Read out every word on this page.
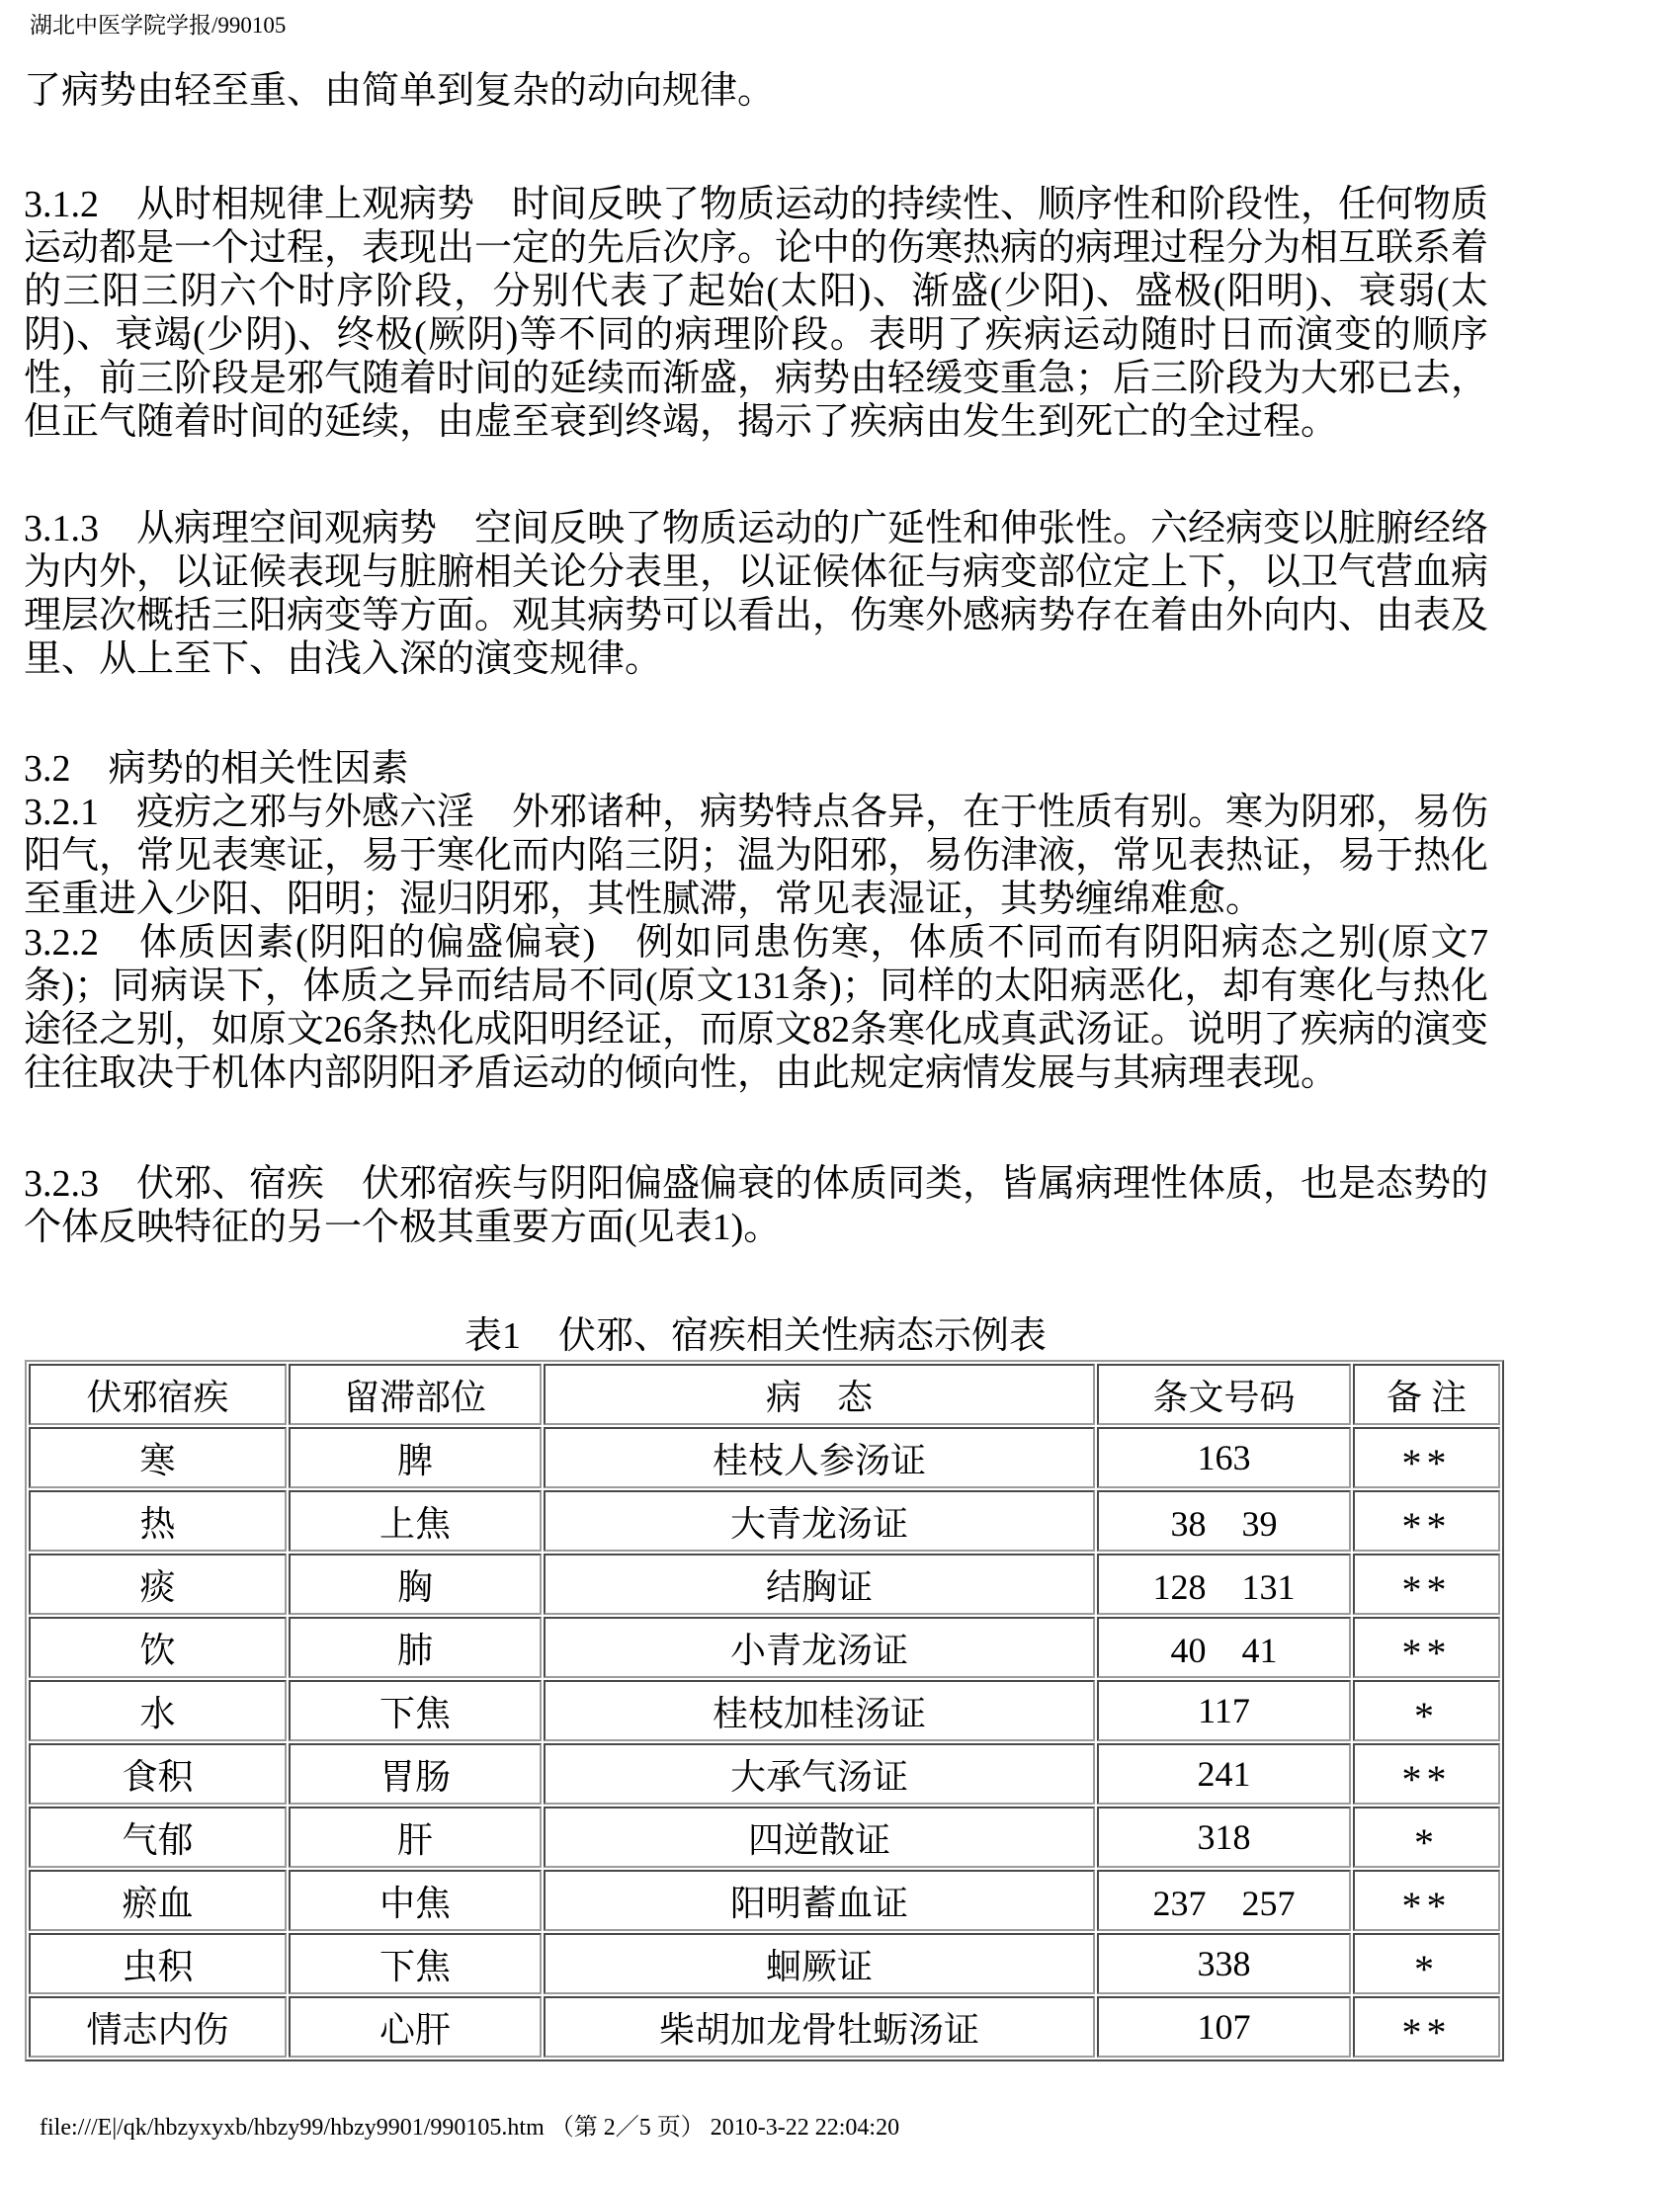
湖北中医学院学报/990105

了病势由轻至重、由简单到复杂的动向规律。

3.1.2　从时相规律上观病势　时间反映了物质运动的持续性、顺序性和阶段性，任何物质运动都是一个过程，表现出一定的先后次序。论中的伤寒热病的病理过程分为相互联系着的三阳三阴六个时序阶段，分别代表了起始(太阳)、渐盛(少阳)、盛极(阳明)、衰弱(太阴)、衰竭(少阴)、终极(厥阴)等不同的病理阶段。表明了疾病运动随时日而演变的顺序性，前三阶段是邪气随着时间的延续而渐盛，病势由轻缓变重急；后三阶段为大邪已去，但正气随着时间的延续，由虚至衰到终竭，揭示了疾病由发生到死亡的全过程。

3.1.3　从病理空间观病势　空间反映了物质运动的广延性和伸张性。六经病变以脏腑经络为内外，以证候表现与脏腑相关论分表里，以证候体征与病变部位定上下，以卫气营血病理层次概括三阳病变等方面。观其病势可以看出，伤寒外感病势存在着由外向内、由表及里、从上至下、由浅入深的演变规律。

3.2　病势的相关性因素

3.2.1　疫疠之邪与外感六淫　外邪诸种，病势特点各异，在于性质有别。寒为阴邪，易伤阳气，常见表寒证，易于寒化而内陷三阴；温为阳邪，易伤津液，常见表热证，易于热化至重进入少阳、阳明；湿归阴邪，其性腻滞，常见表湿证，其势缠绵难愈。

3.2.2　体质因素(阴阳的偏盛偏衰)　例如同患伤寒，体质不同而有阴阳病态之别(原文7条)；同病误下，体质之异而结局不同(原文131条)；同样的太阳病恶化，却有寒化与热化途径之别，如原文26条热化成阳明经证，而原文82条寒化成真武汤证。说明了疾病的演变往往取决于机体内部阴阳矛盾运动的倾向性，由此规定病情发展与其病理表现。

3.2.3　伏邪、宿疾　伏邪宿疾与阴阳偏盛偏衰的体质同类，皆属病理性体质，也是态势的个体反映特征的另一个极其重要方面(见表1)。

表1　伏邪、宿疾相关性病态示例表
伏邪宿疾	留滞部位	病　态	条文号码	备 注
寒	脾	桂枝人参汤证	163	**
热	上焦	大青龙汤证	38　39	**
痰	胸	结胸证	128　131	**
饮	肺	小青龙汤证	40　41	**
水	下焦	桂枝加桂汤证	117	*
食积	胃肠	大承气汤证	241	**
气郁	肝	四逆散证	318	*
瘀血	中焦	阳明蓄血证	237　257	**
虫积	下焦	蛔厥证	338	*
情志内伤	心肝	柴胡加龙骨牡蛎汤证	107	**
file:///E|/qk/hbzyxyxb/hbzy99/hbzy9901/990105.htm （第 2／5 页） 2010-3-22 22:04:20
